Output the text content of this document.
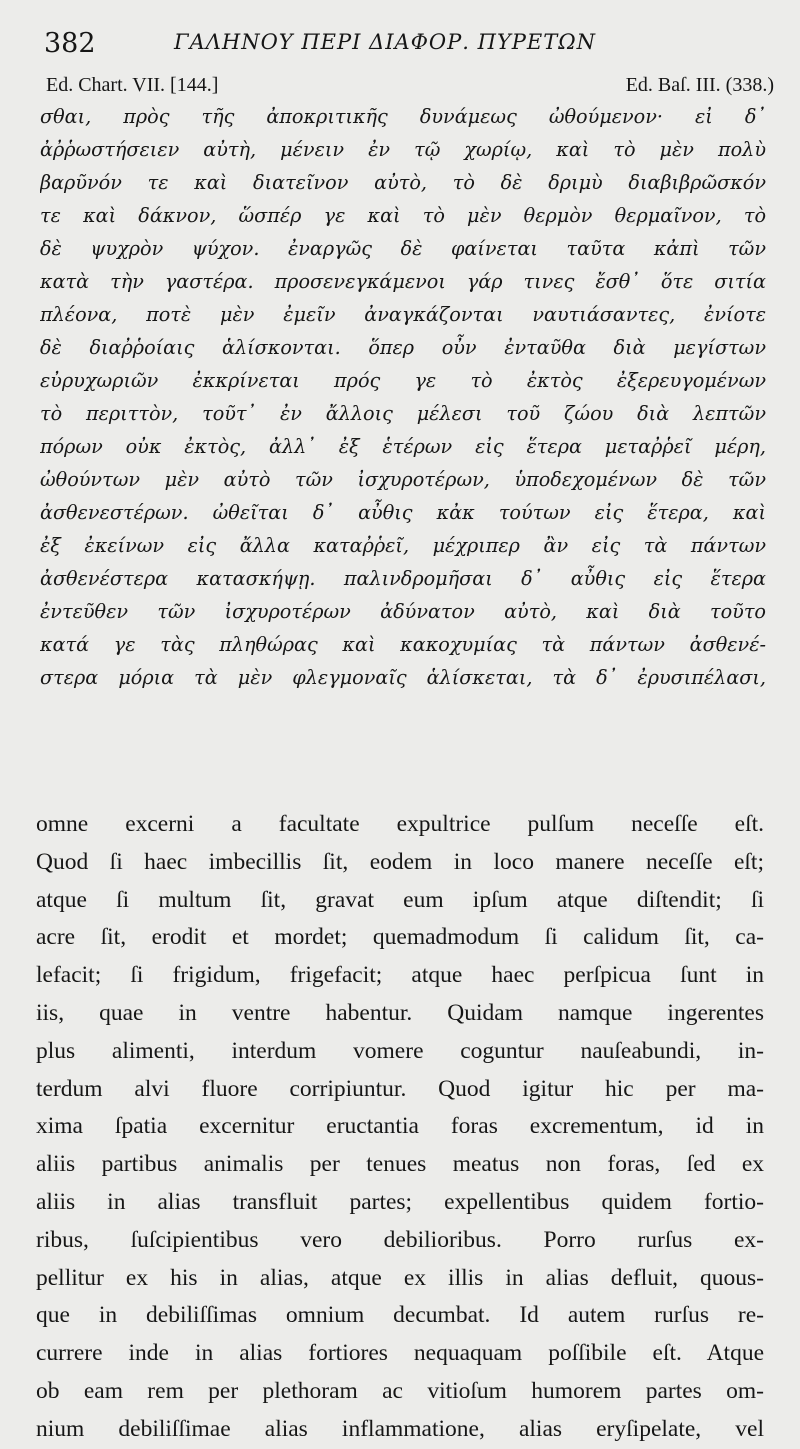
382	ΓΑΛΗΝΟΥ ΠΕΡΙ ΔΙΑΦΟΡ. ΠΥΡΕΤΩΝ
Ed. Chart. VII. [144.]	Ed. Baſ. III. (338.)
σθαι, πρὸς τῆς ἀποκριτικῆς δυνάμεως ὠθούμενον· εἰ δ᾽
ἀῤῥωστήσειεν αὐτὴ, μένειν ἐν τῷ χωρίῳ, καὶ τὸ μὲν πολὺ
βαρῦνόν τε καὶ διατεῖνον αὐτὸ, τὸ δὲ δριμὺ διαβιβρῶσκόν
τε καὶ δάκνον, ὥσπέρ γε καὶ τὸ μὲν θερμὸν θερμαῖνον, τὸ
δὲ ψυχρὸν ψύχον. ἐναργῶς δὲ φαίνεται ταῦτα κἀπὶ τῶν
κατὰ τὴν γαστέρα. προσενεγκάμενοι γάρ τινες ἔσθ᾽ ὅτε σιτία
πλέονα, ποτὲ μὲν ἐμεῖν ἀναγκάζονται ναυτιάσαντες, ἐνίοτε
δὲ διαῤῥοίαις ἁλίσκονται. ὅπερ οὖν ἐνταῦθα διὰ μεγίστων
εὐρυχωριῶν ἐκκρίνεται πρός γε τὸ ἐκτὸς ἐξερευγομένων
τὸ περιττὸν, τοῦτ᾽ ἐν ἄλλοις μέλεσι τοῦ ζώου διὰ λεπτῶν
πόρων οὐκ ἐκτὸς, ἀλλ᾽ ἐξ ἑτέρων εἰς ἕτερα μεταῤῥεῖ μέρη,
ὠθούντων μὲν αὐτὸ τῶν ἰσχυροτέρων, ὑποδεχομένων δὲ τῶν
ἀσθενεστέρων. ὠθεῖται δ᾽ αὖθις κἀκ τούτων εἰς ἕτερα, καὶ
ἐξ ἐκείνων εἰς ἄλλα καταῤῥεῖ, μέχριπερ ἂν εἰς τὰ πάντων
ἀσθενέστερα κατασκήψῃ. παλινδρομῆσαι δ᾽ αὖθις εἰς ἕτερα
ἐντεῦθεν τῶν ἰσχυροτέρων ἀδύνατον αὐτὸ, καὶ διὰ τοῦτο
κατά γε τὰς πληθώρας καὶ κακοχυμίας τὰ πάντων ἀσθενέ-
στερα μόρια τὰ μὲν φλεγμοναῖς ἁλίσκεται, τὰ δ᾽ ἐρυσιπέλασι,
omne excerni a facultate expultrice pulſum neceſſe eſt.
Quod ſi haec imbecillis ſit, eodem in loco manere neceſſe eſt;
atque ſi multum ſit, gravat eum ipſum atque diſtendit; ſi
acre ſit, erodit et mordet; quemadmodum ſi calidum ſit, ca-
lefacit; ſi frigidum, frigefacit; atque haec perſpicua ſunt in
iis, quae in ventre habentur. Quidam namque ingerentes
plus alimenti, interdum vomere coguntur nauſeabundi, in-
terdum alvi fluore corripiuntur. Quod igitur hic per ma-
xima ſpatia excernitur eructantia foras excrementum, id in
aliis partibus animalis per tenues meatus non foras, ſed ex
aliis in alias transfluit partes; expellentibus quidem fortio-
ribus, ſuſcipientibus vero debilioribus. Porro rurſus ex-
pellitur ex his in alias, atque ex illis in alias defluit, quous-
que in debiliſſimas omnium decumbat. Id autem rurſus re-
currere inde in alias fortiores nequaquam poſſibile eſt. Atque
ob eam rem per plethoram ac vitioſum humorem partes om-
nium debiliſſimae alias inflammatione, alias eryſipelate, vel
